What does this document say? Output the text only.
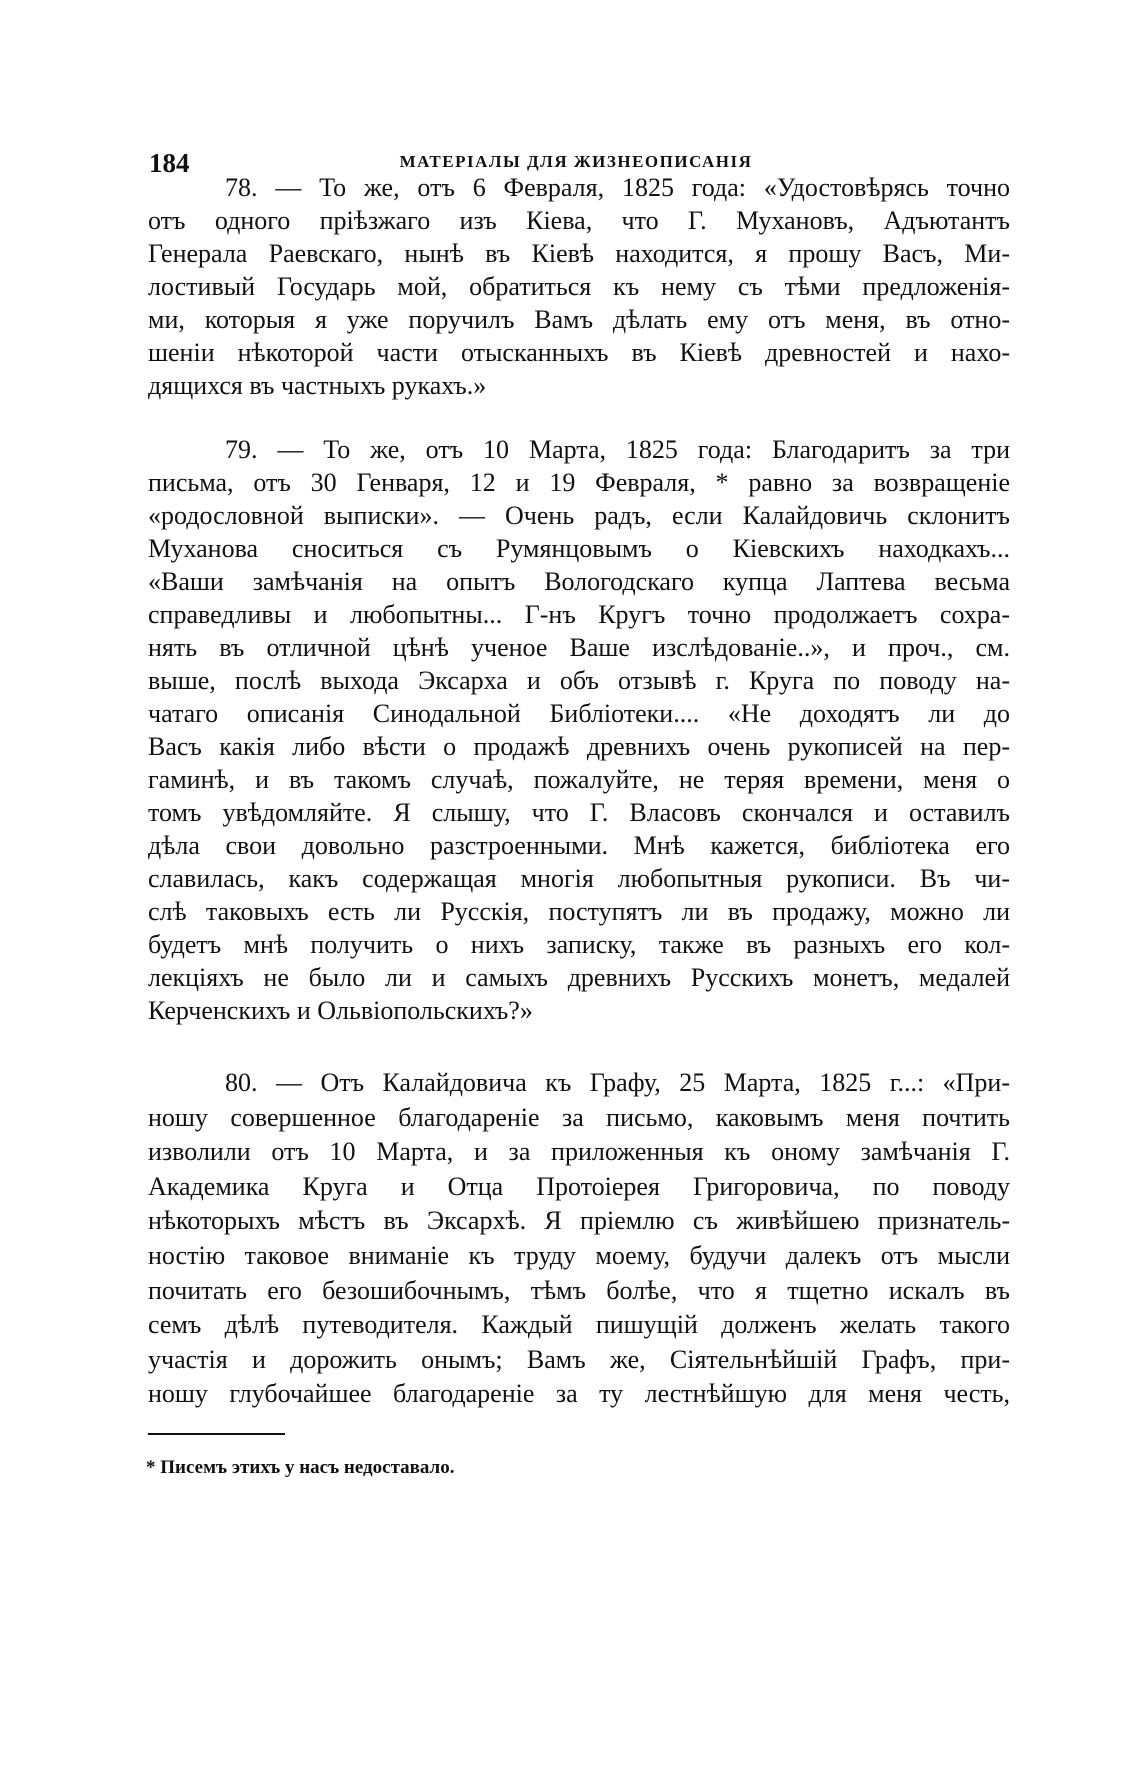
184	МАТЕРІАЛЫ ДЛЯ ЖИЗНЕОПИСАНІЯ
78. — То же, отъ 6 Февраля, 1825 года: «Удостовѣрясь точно
отъ одного пріѣзжаго изъ Кіева, что Г. Мухановъ, Адъютантъ
Генерала Раевскаго, нынѣ въ Кіевѣ находится, я прошу Васъ, Ми-
лостивый Государь мой, обратиться къ нему съ тѣми предложенія-
ми, которыя я уже поручилъ Вамъ дѣлать ему отъ меня, въ отно-
шеніи нѣкоторой части отысканныхъ въ Кіевѣ древностей и нахо-
дящихся въ частныхъ рукахъ.»
79. — То же, отъ 10 Марта, 1825 года: Благодаритъ за три
письма, отъ 30 Генваря, 12 и 19 Февраля, * равно за возвращеніе
«родословной выписки». — Очень радъ, если Калайдовичь склонитъ
Муханова сноситься съ Румянцовымъ о Кіевскихъ находкахъ...
«Ваши замѣчанія на опытъ Вологодскаго купца Лаптева весьма
справедливы и любопытны... Г-нъ Кругъ точно продолжаетъ сохра-
нять въ отличной цѣнѣ ученое Ваше изслѣдованіе..», и проч., см.
выше, послѣ выхода Эксарха и объ отзывѣ г. Круга по поводу на-
чатаго описанія Синодальной Библіотеки.... «Не доходятъ ли до
Васъ какія либо вѣсти о продажѣ древнихъ очень рукописей на пер-
гаминѣ, и въ такомъ случаѣ, пожалуйте, не теряя времени, меня о
томъ увѣдомляйте. Я слышу, что Г. Власовъ скончался и оставилъ
дѣла свои довольно разстроенными. Мнѣ кажется, библіотека его
славилась, какъ содержащая многія любопытныя рукописи. Въ чи-
слѣ таковыхъ есть ли Русскія, поступятъ ли въ продажу, можно ли
будетъ мнѣ получить о нихъ записку, также въ разныхъ его кол-
лекціяхъ не было ли и самыхъ древнихъ Русскихъ монетъ, медалей
Керченскихъ и Ольвіопольскихъ?»
80. — Отъ Калайдовича къ Графу, 25 Марта, 1825 г...: «При-
ношу совершенное благодареніе за письмо, каковымъ меня почтить
изволили отъ 10 Марта, и за приложенныя къ оному замѣчанія Г.
Академика Круга и Отца Протоіерея Григоровича, по поводу
нѣкоторыхъ мѣстъ въ Эксархѣ. Я пріемлю съ живѣйшею признатель-
ностію таковое вниманіе къ труду моему, будучи далекъ отъ мысли
почитать его безошибочнымъ, тѣмъ болѣе, что я тщетно искалъ въ
семъ дѣлѣ путеводителя. Каждый пишущій долженъ желать такого
участія и дорожить онымъ; Вамъ же, Сіятельнѣйшій Графъ, при-
ношу глубочайшее благодареніе за ту лестнѣйшую для меня честь,
* Писемъ этихъ у насъ недоставало.
